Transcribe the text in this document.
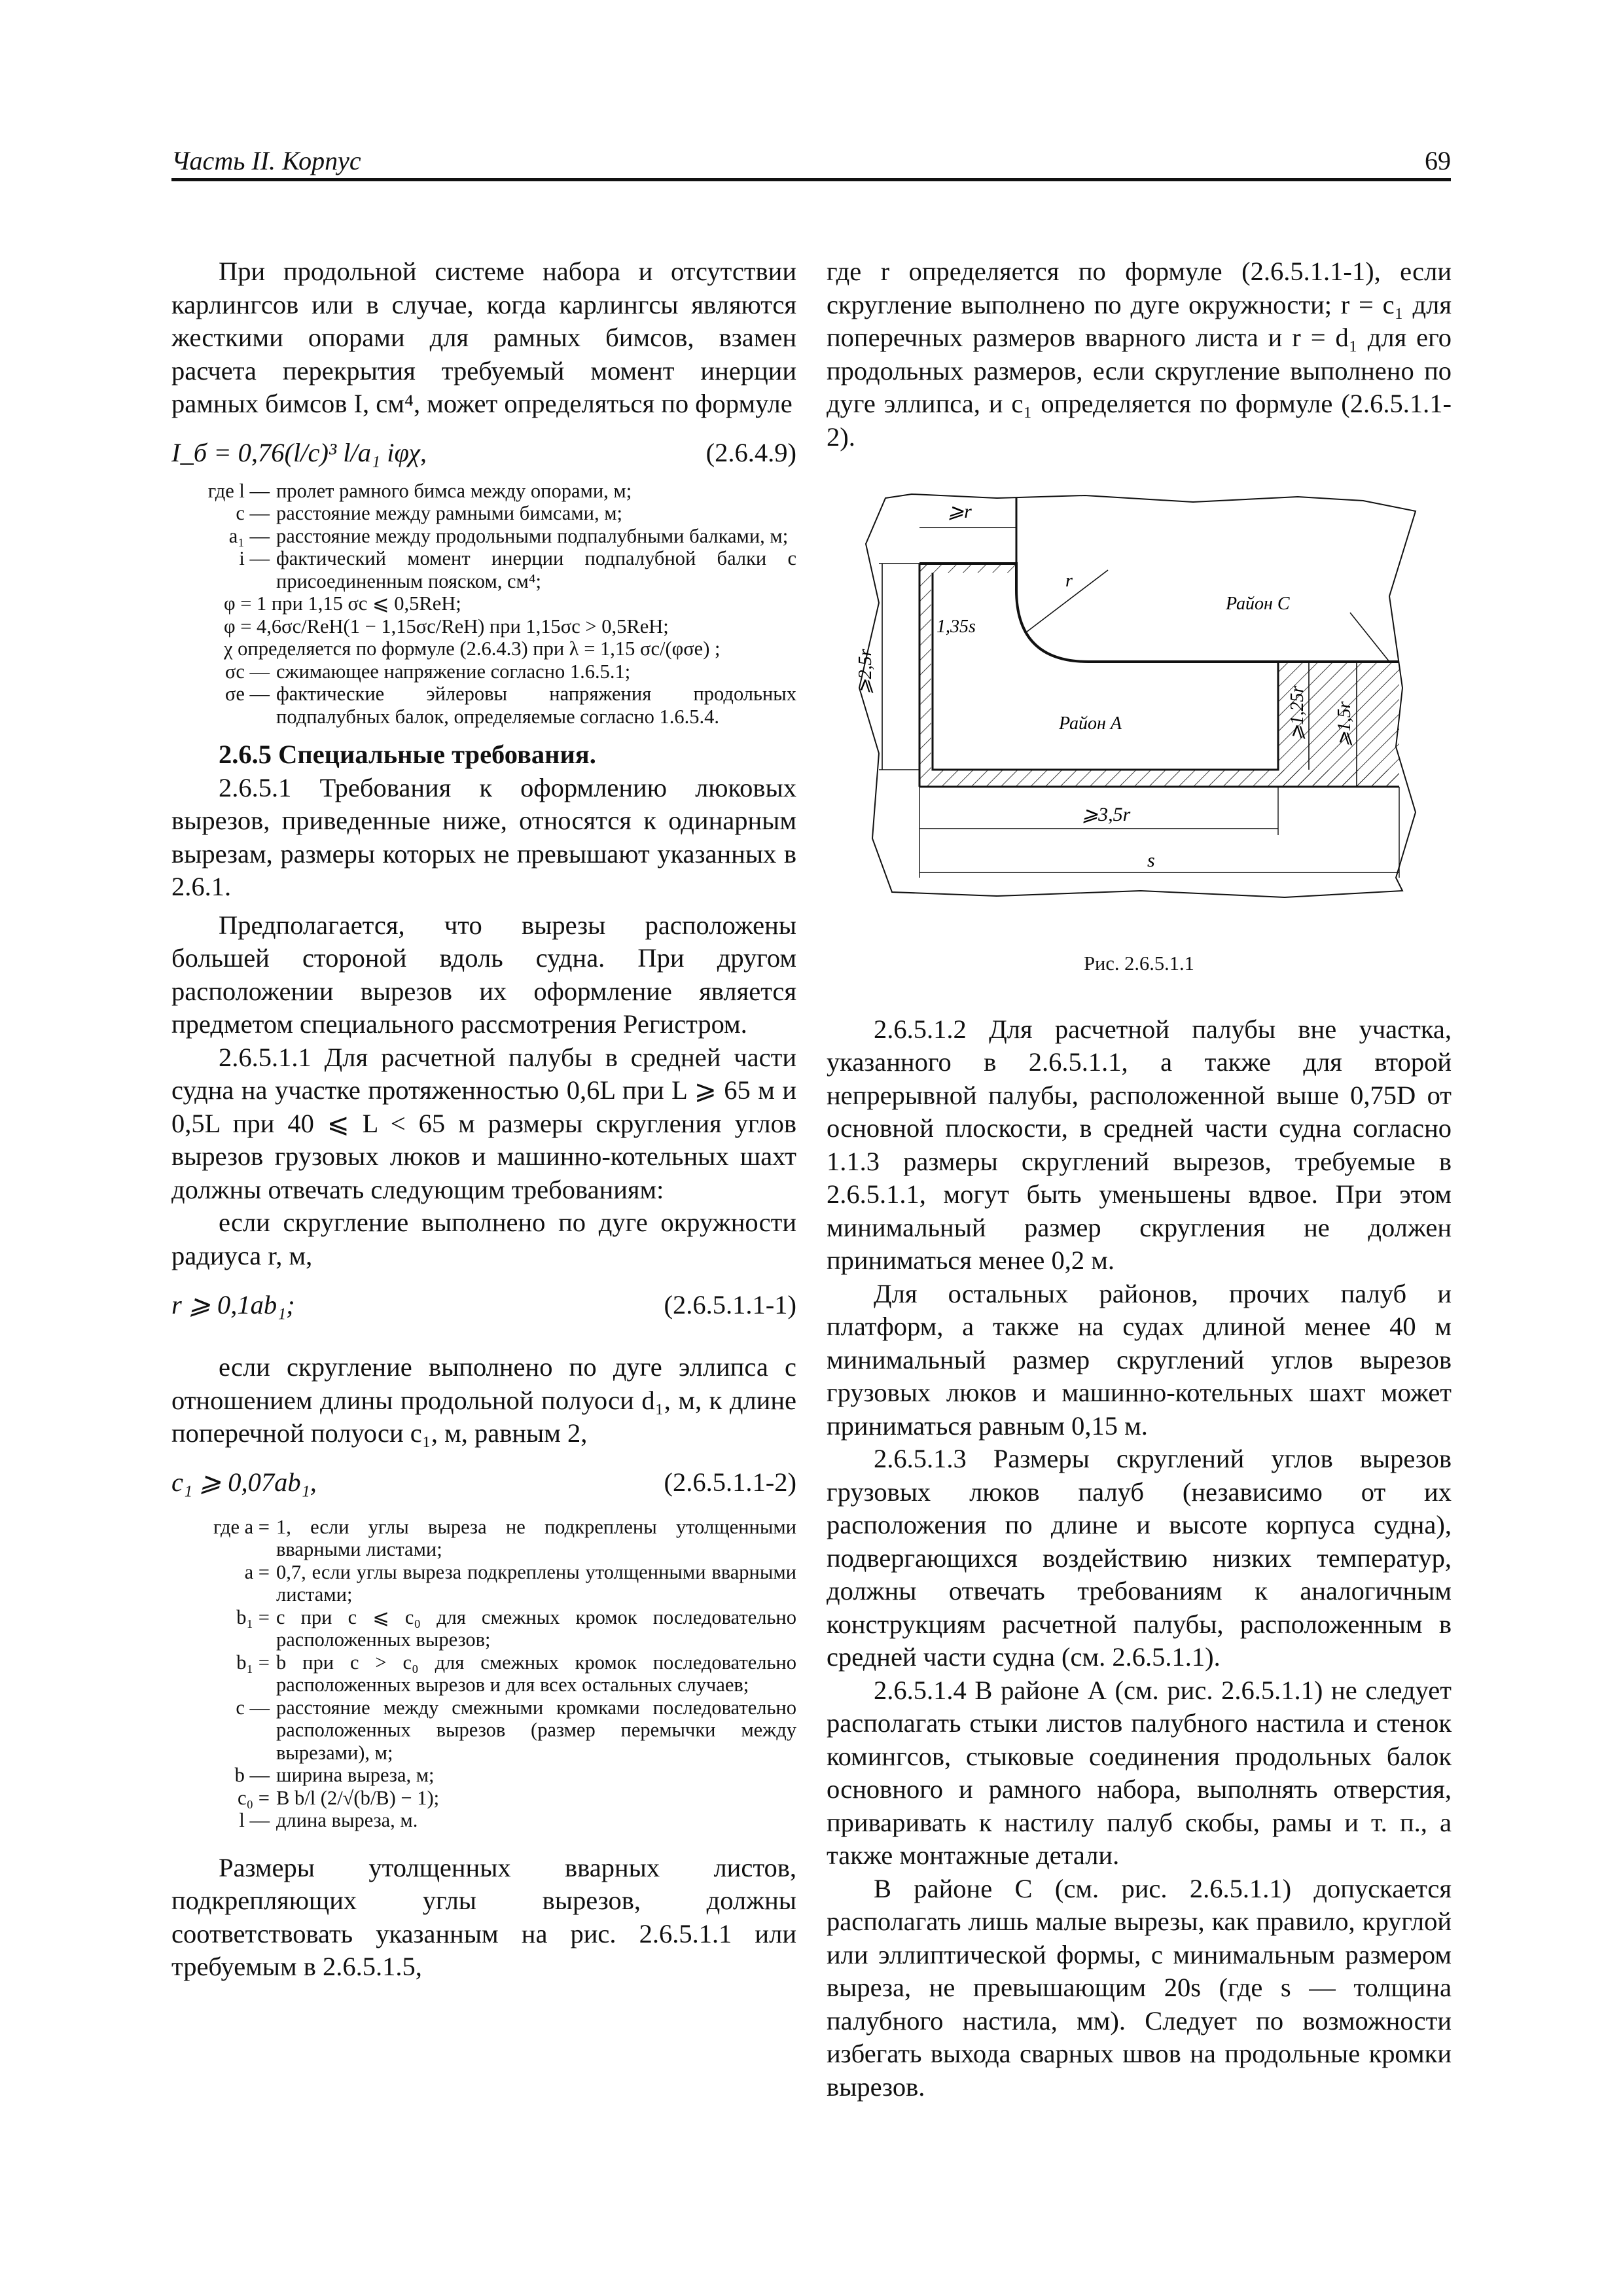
Часть II. Корпус	69

При продольной системе набора и отсутствии карлингсов или в случае, когда карлингсы являются жесткими опорами для рамных бимсов, взамен расчета перекрытия требуемый момент инерции рамных бимсов I, см⁴, может определяться по формуле

I_б = 0,76(l/c)³ l/a₁ iφχ,	(2.6.4.9)
где l — пролет рамного бимса между опорами, м;
c — расстояние между рамными бимсами, м;
a₁ — расстояние между продольными подпалубными балками, м;
i — фактический момент инерции подпалубной балки с присоединенным пояском, см⁴;
φ = 1 при 1,15 σc ⩽ 0,5ReH;
φ = 4,6σc/ReH(1 − 1,15σc/ReH) при 1,15σc > 0,5ReH;
χ определяется по формуле (2.6.4.3) при λ = 1,15 σc/(φσe) ;
σc — сжимающее напряжение согласно 1.6.5.1;
σe — фактические эйлеровы напряжения продольных подпалубных балок, определяемые согласно 1.6.5.4.

2.6.5 Специальные требования.

2.6.5.1 Требования к оформлению люковых вырезов, приведенные ниже, относятся к одинарным вырезам, размеры которых не превышают указанных в 2.6.1.

Предполагается, что вырезы расположены большей стороной вдоль судна. При другом расположении вырезов их оформление является предметом специального рассмотрения Регистром.

2.6.5.1.1 Для расчетной палубы в средней части судна на участке протяженностью 0,6L при L ⩾ 65 м и 0,5L при 40 ⩽ L < 65 м размеры скругления углов вырезов грузовых люков и машинно-котельных шахт должны отвечать следующим требованиям:

если скругление выполнено по дуге окружности радиуса r, м,

r ⩾ 0,1ab₁;	(2.6.5.1.1-1)

если скругление выполнено по дуге эллипса с отношением длины продольной полуоси d₁, м, к длине поперечной полуоси c₁, м, равным 2,

c₁ ⩾ 0,07ab₁,	(2.6.5.1.1-2)
где a = 1, если углы выреза не подкреплены утолщенными вварными листами;
a = 0,7, если углы выреза подкреплены утолщенными вварными листами;
b₁ = c при c ⩽ c₀ для смежных кромок последовательно расположенных вырезов;
b₁ = b при c > c₀ для смежных кромок последовательно расположенных вырезов и для всех остальных случаев;
c — расстояние между смежными кромками последовательно расположенных вырезов (размер перемычки между вырезами), м;
b — ширина выреза, м;
c₀ = B b/l (2/√(b/B) − 1);
l — длина выреза, м.

Размеры утолщенных вварных листов, подкрепляющих углы вырезов, должны соответствовать указанным на рис. 2.6.5.1.1 или требуемым в 2.6.5.1.5,

где r определяется по формуле (2.6.5.1.1-1), если скругление выполнено по дуге окружности; r = c₁ для поперечных размеров вварного листа и r = d₁ для его продольных размеров, если скругление выполнено по дуге эллипса, и c₁ определяется по формуле (2.6.5.1.1-2).

⩾r
r
1,35s
Район C
Район A
⩾2,5r
⩾1,25r ⩾1,5r
⩾3,5r
s
Рис. 2.6.5.1.1

2.6.5.1.2 Для расчетной палубы вне участка, указанного в 2.6.5.1.1, а также для второй непрерывной палубы, расположенной выше 0,75D от основной плоскости, в средней части судна согласно 1.1.3 размеры скруглений вырезов, требуемые в 2.6.5.1.1, могут быть уменьшены вдвое. При этом минимальный размер скругления не должен приниматься менее 0,2 м.

Для остальных районов, прочих палуб и платформ, а также на судах длиной менее 40 м минимальный размер скруглений углов вырезов грузовых люков и машинно-котельных шахт может приниматься равным 0,15 м.

2.6.5.1.3 Размеры скруглений углов вырезов грузовых люков палуб (независимо от их расположения по длине и высоте корпуса судна), подвергающихся воздействию низких температур, должны отвечать требованиям к аналогичным конструкциям расчетной палубы, расположенным в средней части судна (см. 2.6.5.1.1).

2.6.5.1.4 В районе А (см. рис. 2.6.5.1.1) не следует располагать стыки листов палубного настила и стенок комингсов, стыковые соединения продольных балок основного и рамного набора, выполнять отверстия, приваривать к настилу палуб скобы, рамы и т. п., а также монтажные детали.

В районе С (см. рис. 2.6.5.1.1) допускается располагать лишь малые вырезы, как правило, круглой или эллиптической формы, с минимальным размером выреза, не превышающим 20s (где s — толщина палубного настила, мм). Следует по возможности избегать выхода сварных швов на продольные кромки вырезов.
